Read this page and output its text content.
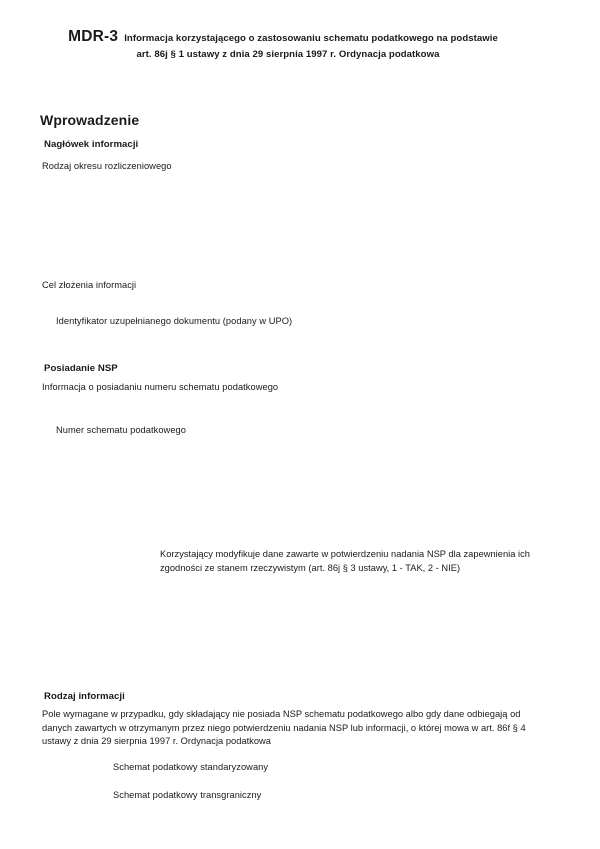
MDR-3 Informacja korzystającego o zastosowaniu schematu podatkowego na podstawie
art. 86j § 1 ustawy z dnia 29 sierpnia 1997 r. Ordynacja podatkowa
Wprowadzenie
Nagłówek informacji
Rodzaj okresu rozliczeniowego
Cel złożenia informacji
Identyfikator uzupełnianego dokumentu (podany w UPO)
Posiadanie NSP
Informacja o posiadaniu numeru schematu podatkowego
Numer schematu podatkowego
Korzystający modyfikuje dane zawarte w potwierdzeniu nadania NSP dla zapewnienia ich
zgodności ze stanem rzeczywistym (art. 86j § 3 ustawy, 1 - TAK, 2 - NIE)
Rodzaj informacji
Pole wymagane w przypadku, gdy składający nie posiada NSP schematu podatkowego albo gdy dane odbiegają od
danych zawartych w otrzymanym przez niego potwierdzeniu nadania NSP lub informacji, o której mowa w art. 86f § 4
ustawy z dnia 29 sierpnia 1997 r. Ordynacja podatkowa
Schemat podatkowy standaryzowany
Schemat podatkowy transgraniczny
